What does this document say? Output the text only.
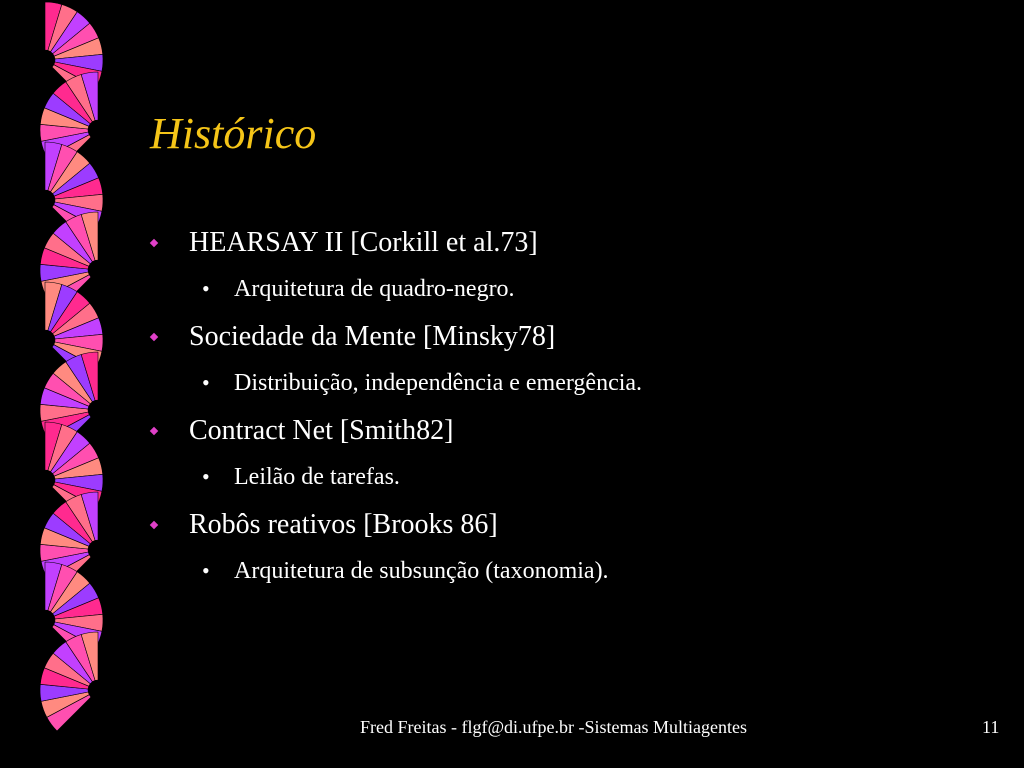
Histórico
HEARSAY II [Corkill et al.73]
• Arquitetura de quadro-negro.
Sociedade da Mente [Minsky78]
• Distribuição, independência e emergência.
Contract Net [Smith82]
• Leilão de tarefas.
Robôs reativos [Brooks 86]
• Arquitetura de subsunção (taxonomia).
Fred Freitas - flgf@di.ufpe.br -Sistemas Multiagentes	11
